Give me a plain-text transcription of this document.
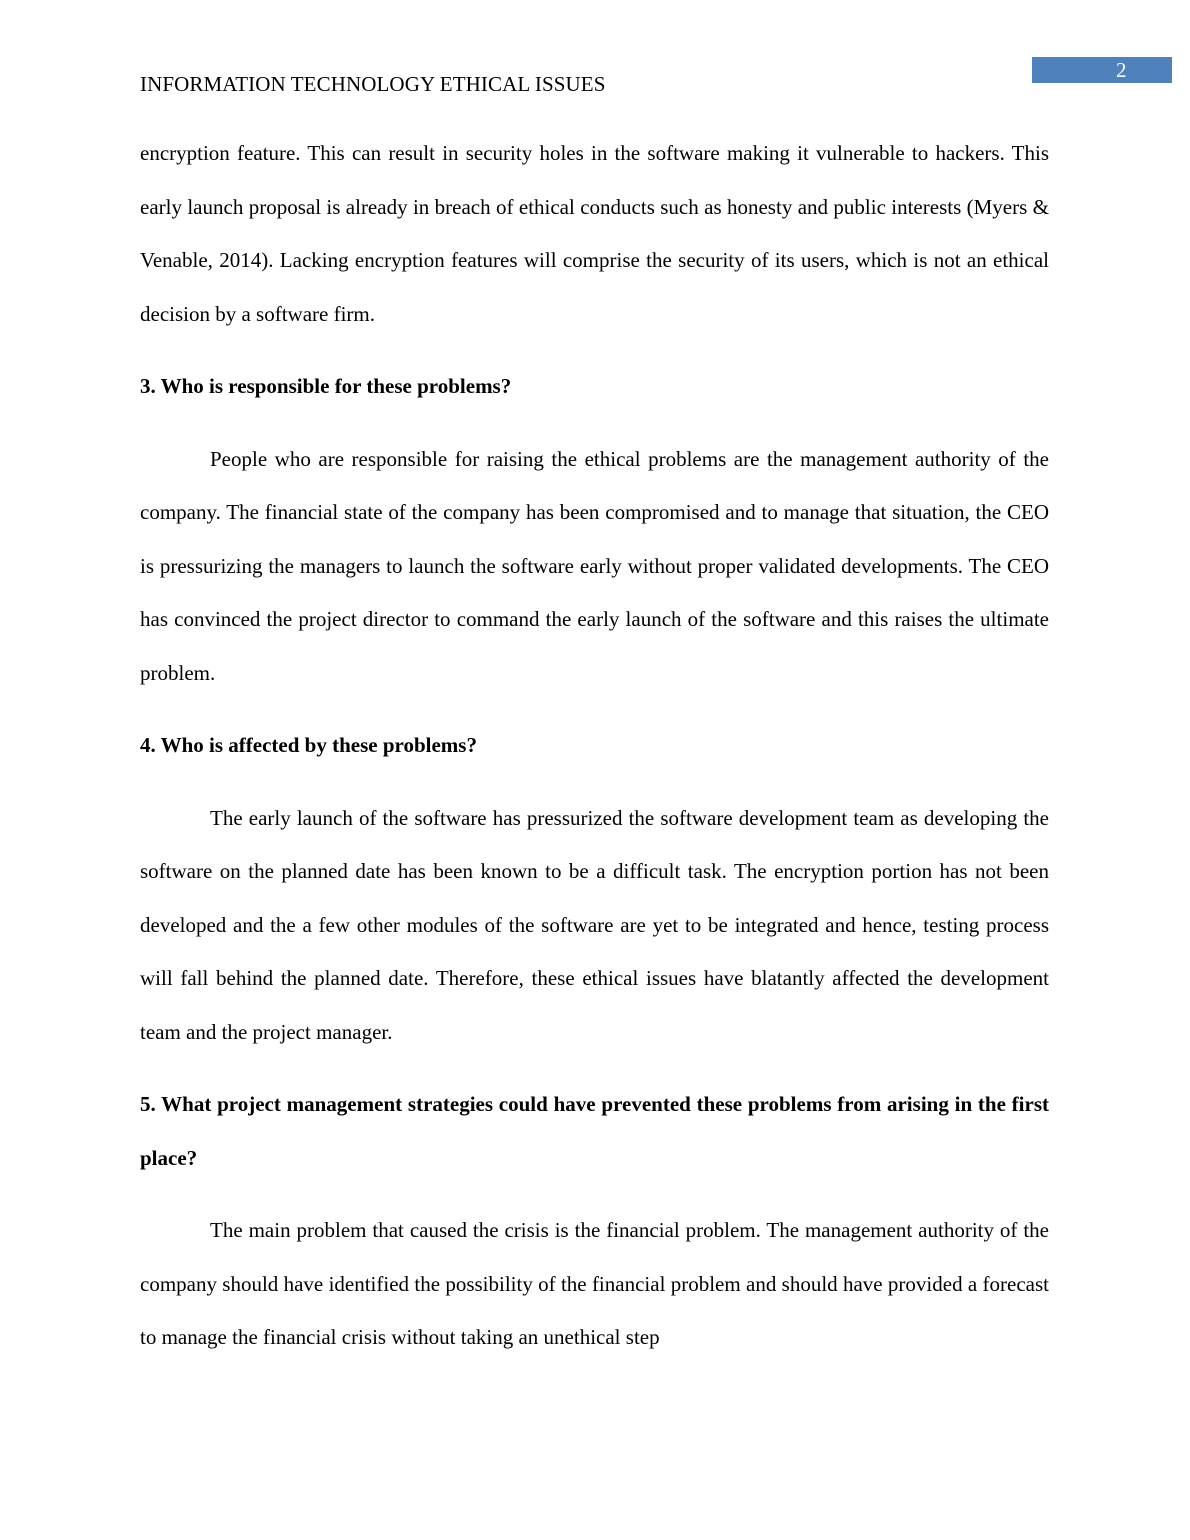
2
INFORMATION TECHNOLOGY ETHICAL ISSUES

encryption feature. This can result in security holes in the software making it vulnerable to hackers. This early launch proposal is already in breach of ethical conducts such as honesty and public interests (Myers & Venable, 2014). Lacking encryption features will comprise the security of its users, which is not an ethical decision by a software firm.

3. Who is responsible for these problems?

People who are responsible for raising the ethical problems are the management authority of the company. The financial state of the company has been compromised and to manage that situation, the CEO is pressurizing the managers to launch the software early without proper validated developments. The CEO has convinced the project director to command the early launch of the software and this raises the ultimate problem.

4. Who is affected by these problems?

The early launch of the software has pressurized the software development team as developing the software on the planned date has been known to be a difficult task. The encryption portion has not been developed and the a few other modules of the software are yet to be integrated and hence, testing process will fall behind the planned date. Therefore, these ethical issues have blatantly affected the development team and the project manager.

5. What project management strategies could have prevented these problems from arising in the first place?

The main problem that caused the crisis is the financial problem. The management authority of the company should have identified the possibility of the financial problem and should have provided a forecast to manage the financial crisis without taking an unethical step
